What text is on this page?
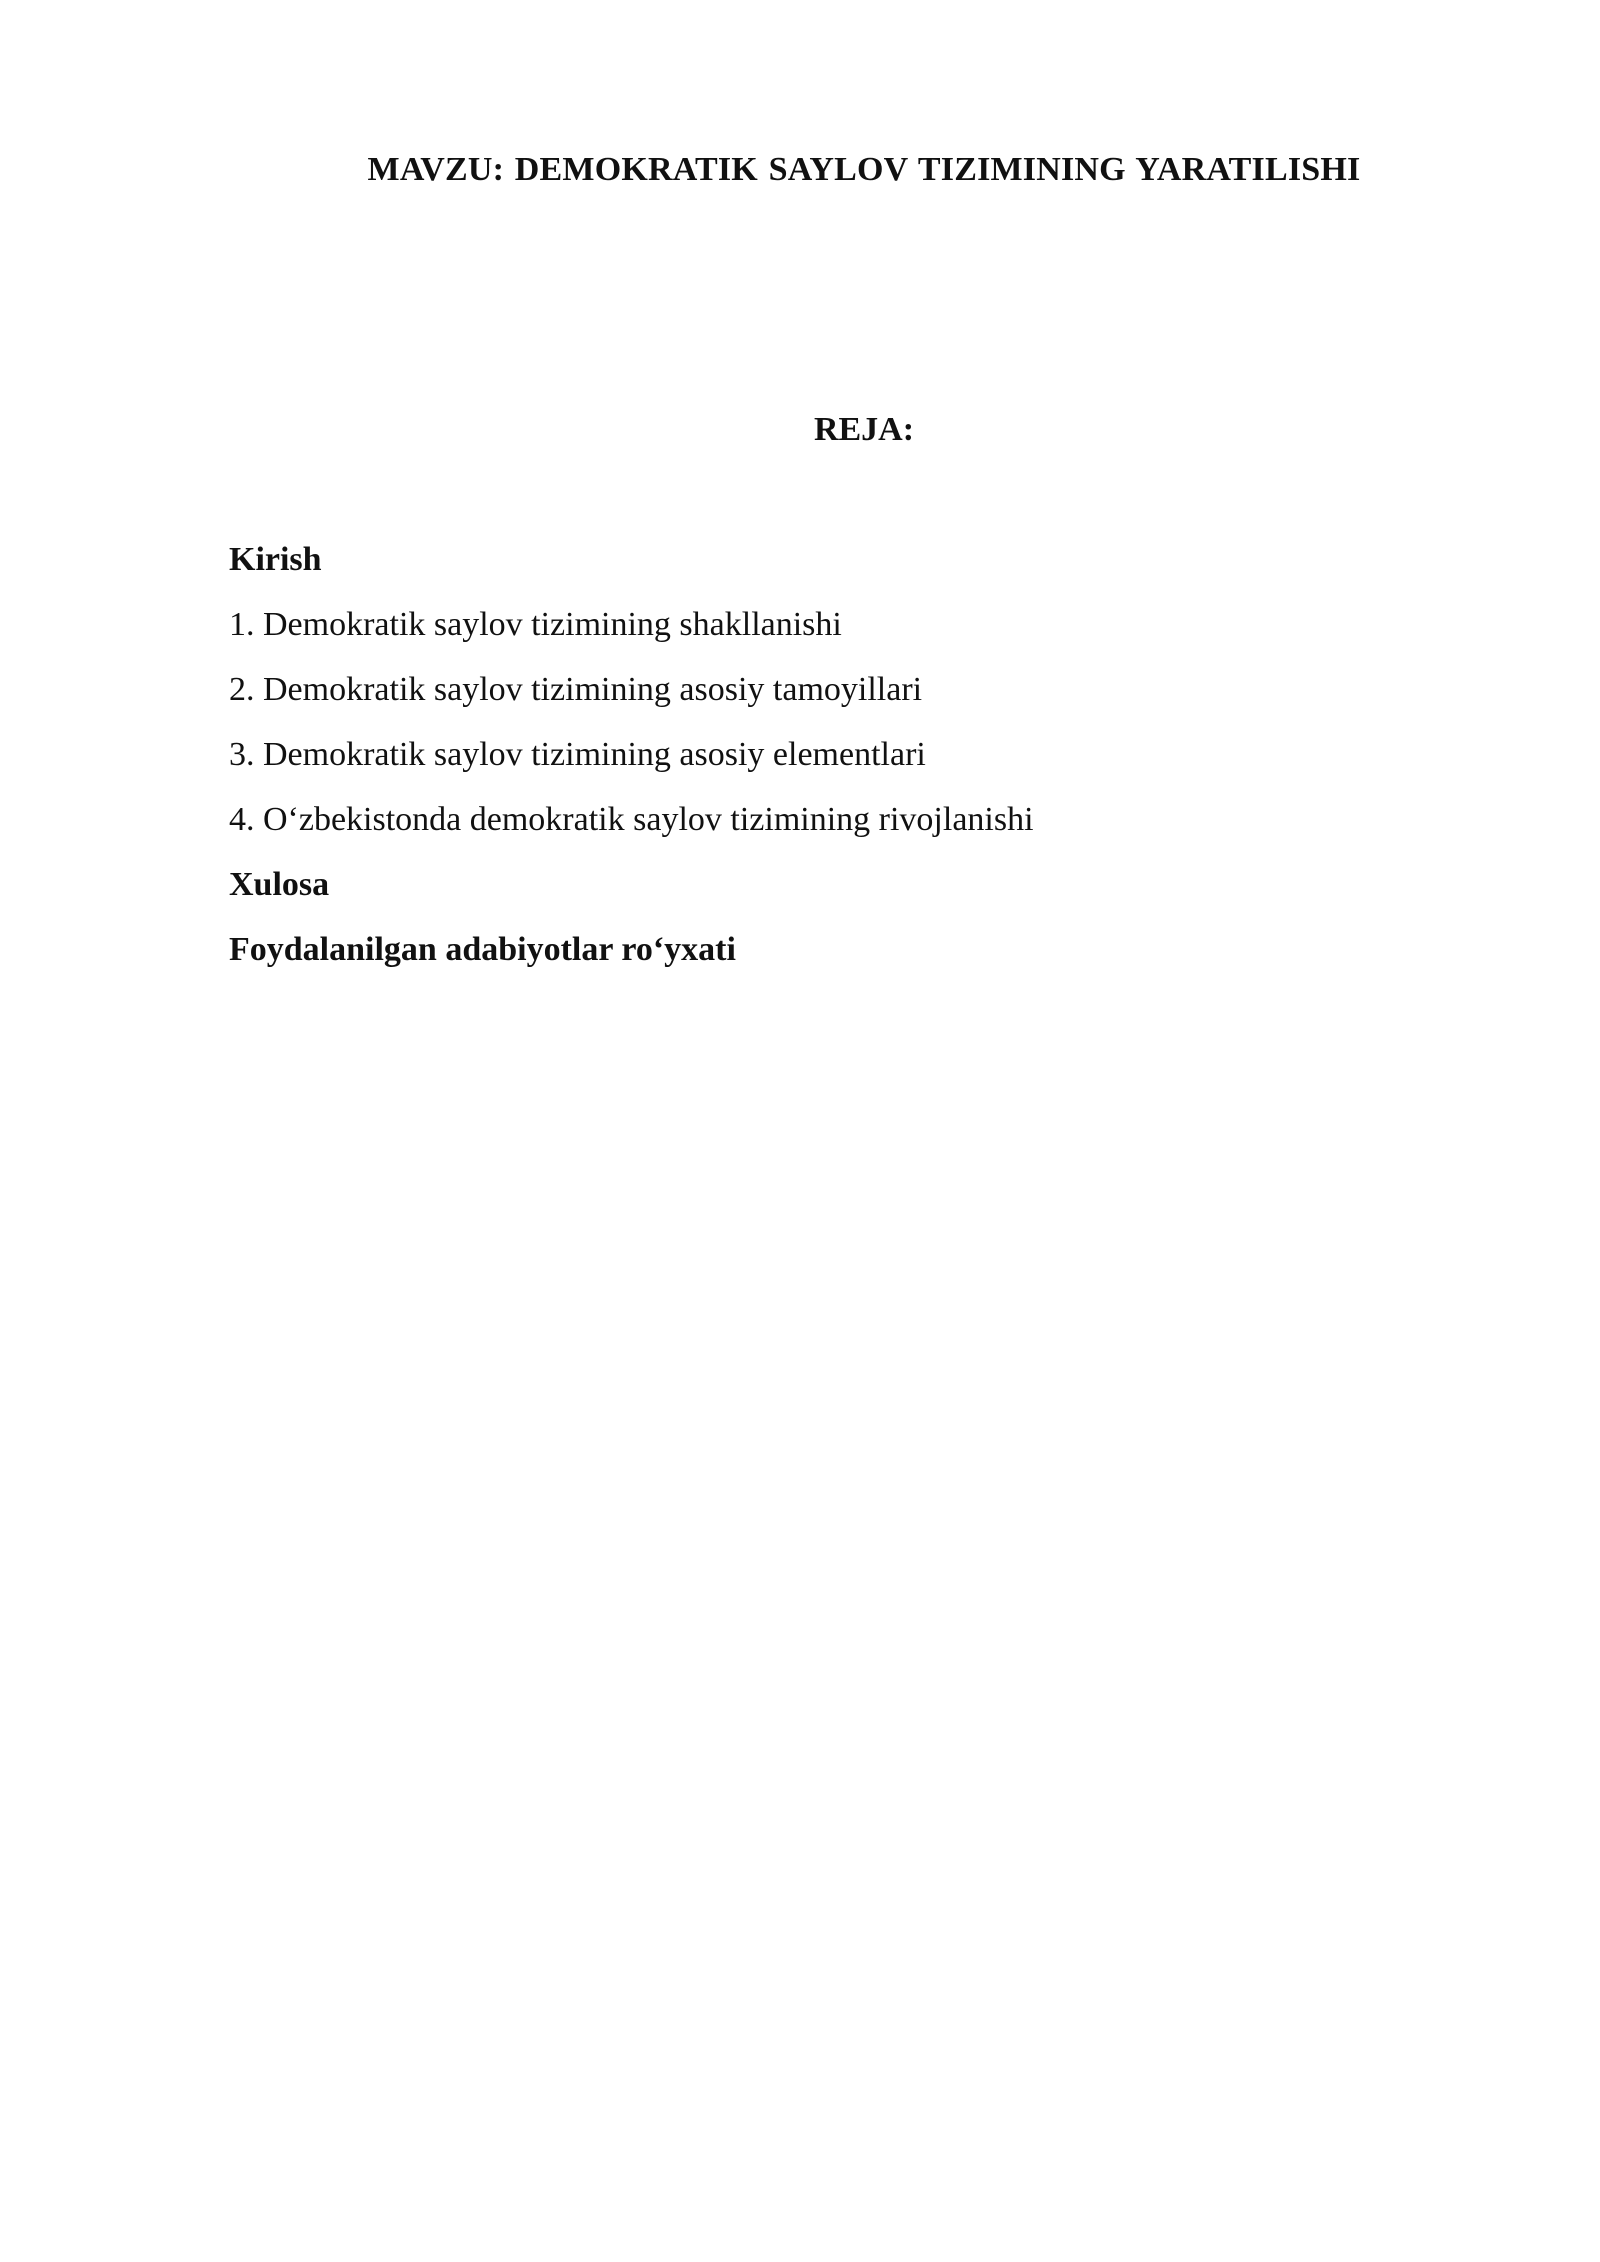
MAVZU: DEMOKRATIK SAYLOV TIZIMINING YARATILISHI
REJA:
Kirish
1. Demokratik saylov tizimining shakllanishi
2. Demokratik saylov tizimining asosiy tamoyillari
3. Demokratik saylov tizimining asosiy elementlari
4. O‘zbekistonda demokratik saylov tizimining rivojlanishi
Xulosa
Foydalanilgan adabiyotlar ro‘yxati
